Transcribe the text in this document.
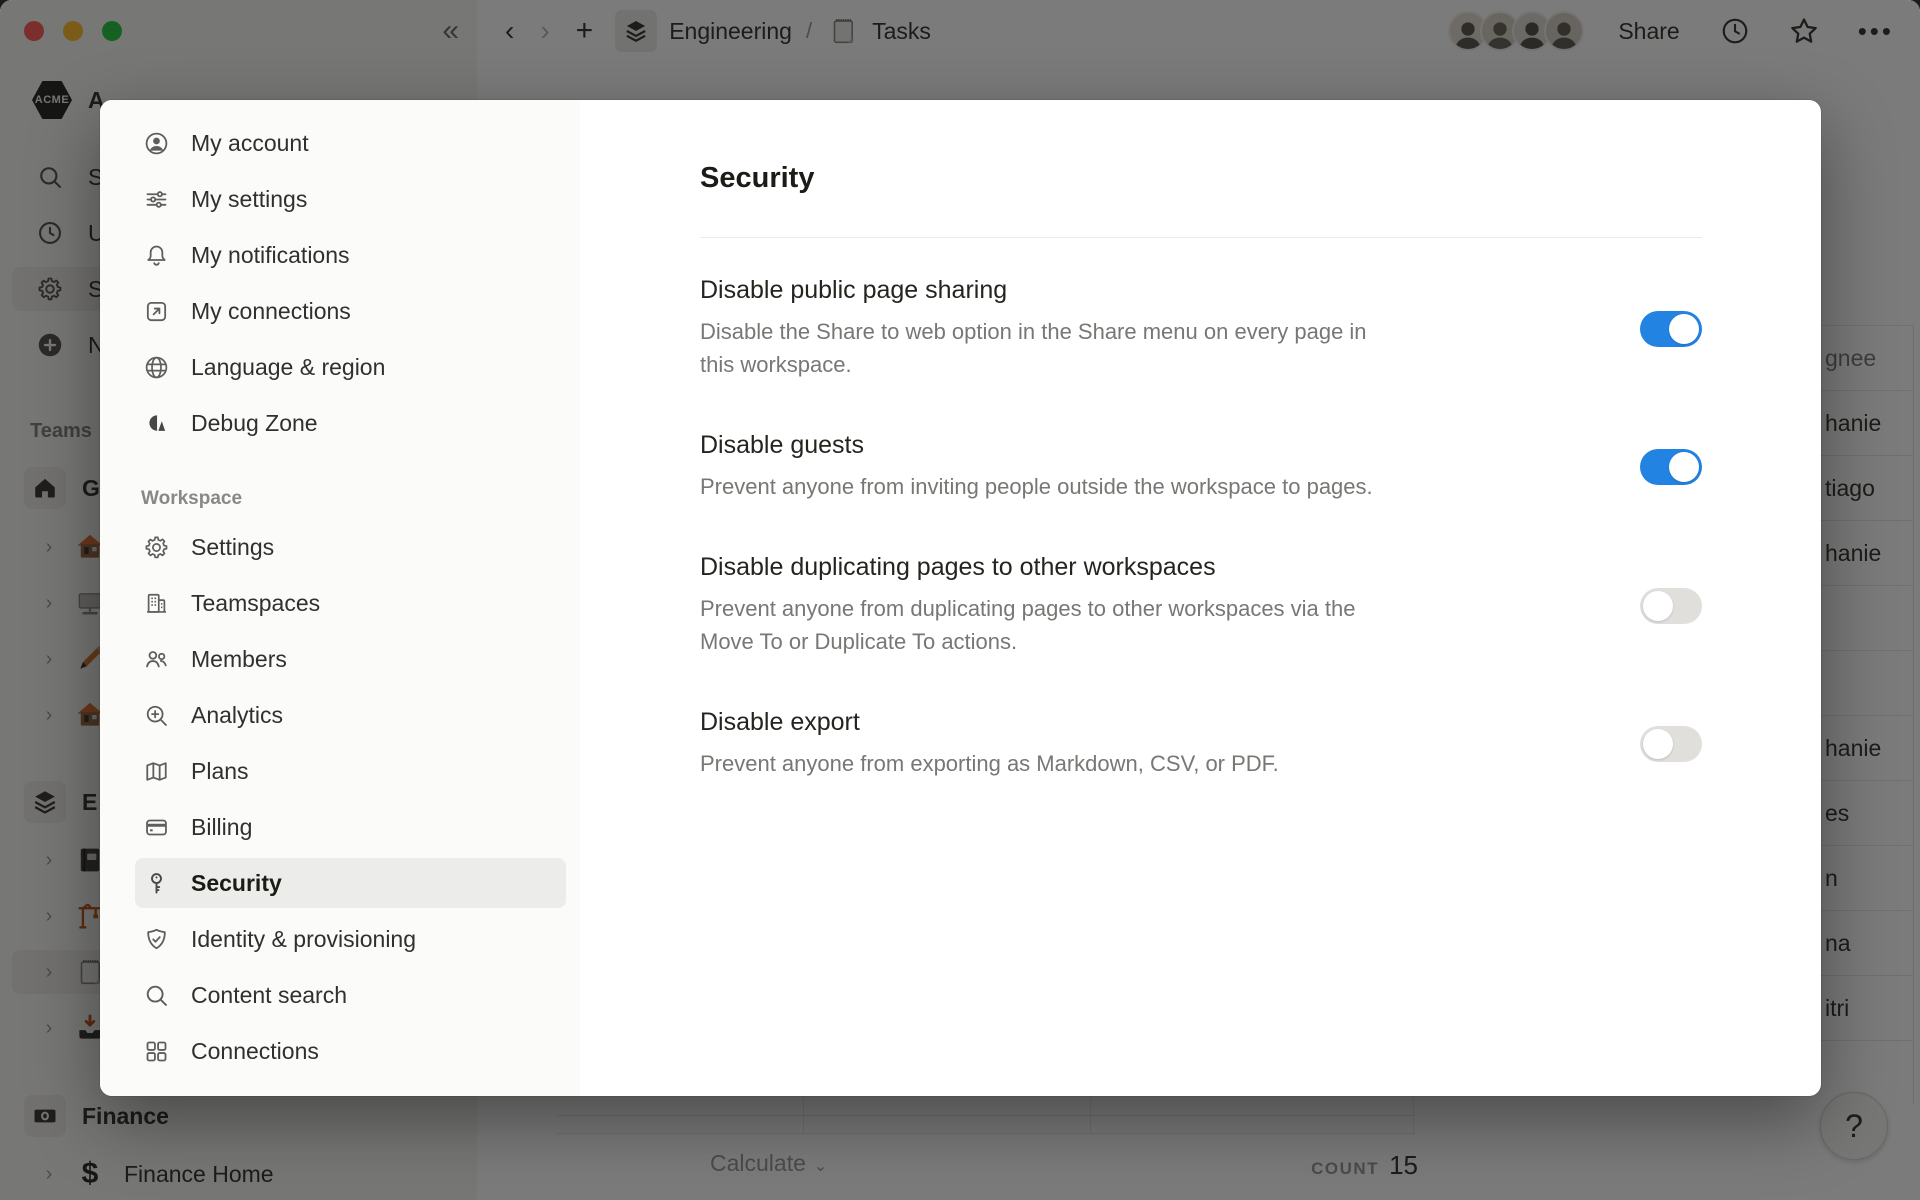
My account
My settings
My notifications
My connections
Language & region
Debug Zone
Workspace
Settings
Teamspaces
Members
Analytics
Plans
Billing
Security
Identity & provisioning
Content search
Connections
Security
Disable public page sharing
Disable the Share to web option in the Share menu on every page in this workspace.
Disable guests
Prevent anyone from inviting people outside the workspace to pages.
Disable duplicating pages to other workspaces
Prevent anyone from duplicating pages to other workspaces via the Move To or Duplicate To actions.
Disable export
Prevent anyone from exporting as Markdown, CSV, or PDF.
